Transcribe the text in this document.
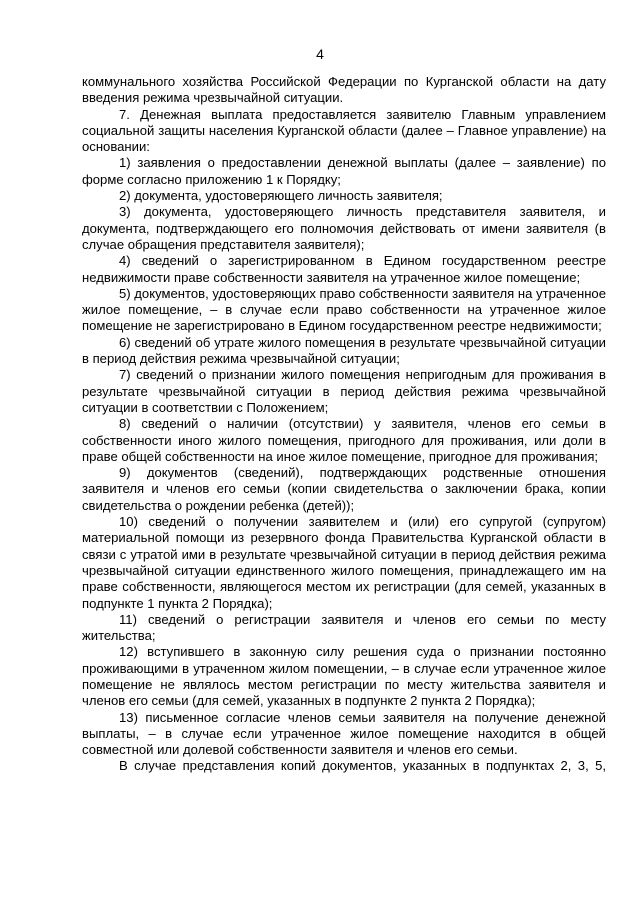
4

коммунального хозяйства Российской Федерации по Курганской области на дату введения режима чрезвычайной ситуации.

7. Денежная выплата предоставляется заявителю Главным управлением социальной защиты населения Курганской области (далее – Главное управление) на основании:

1) заявления о предоставлении денежной выплаты (далее – заявление) по форме согласно приложению 1 к Порядку;

2) документа, удостоверяющего личность заявителя;

3) документа, удостоверяющего личность представителя заявителя, и документа, подтверждающего его полномочия действовать от имени заявителя (в случае обращения представителя заявителя);

4) сведений о зарегистрированном в Едином государственном реестре недвижимости праве собственности заявителя на утраченное жилое помещение;

5) документов, удостоверяющих право собственности заявителя на утраченное жилое помещение, – в случае если право собственности на утраченное жилое помещение не зарегистрировано в Едином государственном реестре недвижимости;

6) сведений об утрате жилого помещения в результате чрезвычайной ситуации в период действия режима чрезвычайной ситуации;

7) сведений о признании жилого помещения непригодным для проживания в результате чрезвычайной ситуации в период действия режима чрезвычайной ситуации в соответствии с Положением;

8) сведений о наличии (отсутствии) у заявителя, членов его семьи в собственности иного жилого помещения, пригодного для проживания, или доли в праве общей собственности на иное жилое помещение, пригодное для проживания;

9) документов (сведений), подтверждающих родственные отношения заявителя и членов его семьи (копии свидетельства о заключении брака, копии свидетельства о рождении ребенка (детей));

10) сведений о получении заявителем и (или) его супругой (супругом) материальной помощи из резервного фонда Правительства Курганской области в связи с утратой ими в результате чрезвычайной ситуации в период действия режима чрезвычайной ситуации единственного жилого помещения, принадлежащего им на праве собственности, являющегося местом их регистрации (для семей, указанных в подпункте 1 пункта 2 Порядка);

11) сведений о регистрации заявителя и членов его семьи по месту жительства;

12) вступившего в законную силу решения суда о признании постоянно проживающими в утраченном жилом помещении, – в случае если утраченное жилое помещение не являлось местом регистрации по месту жительства заявителя и членов его семьи (для семей, указанных в подпункте 2 пункта 2 Порядка);

13) письменное согласие членов семьи заявителя на получение денежной выплаты, – в случае если утраченное жилое помещение находится в общей совместной или долевой собственности заявителя и членов его семьи.

В случае представления копий документов, указанных в подпунктах 2, 3, 5,
